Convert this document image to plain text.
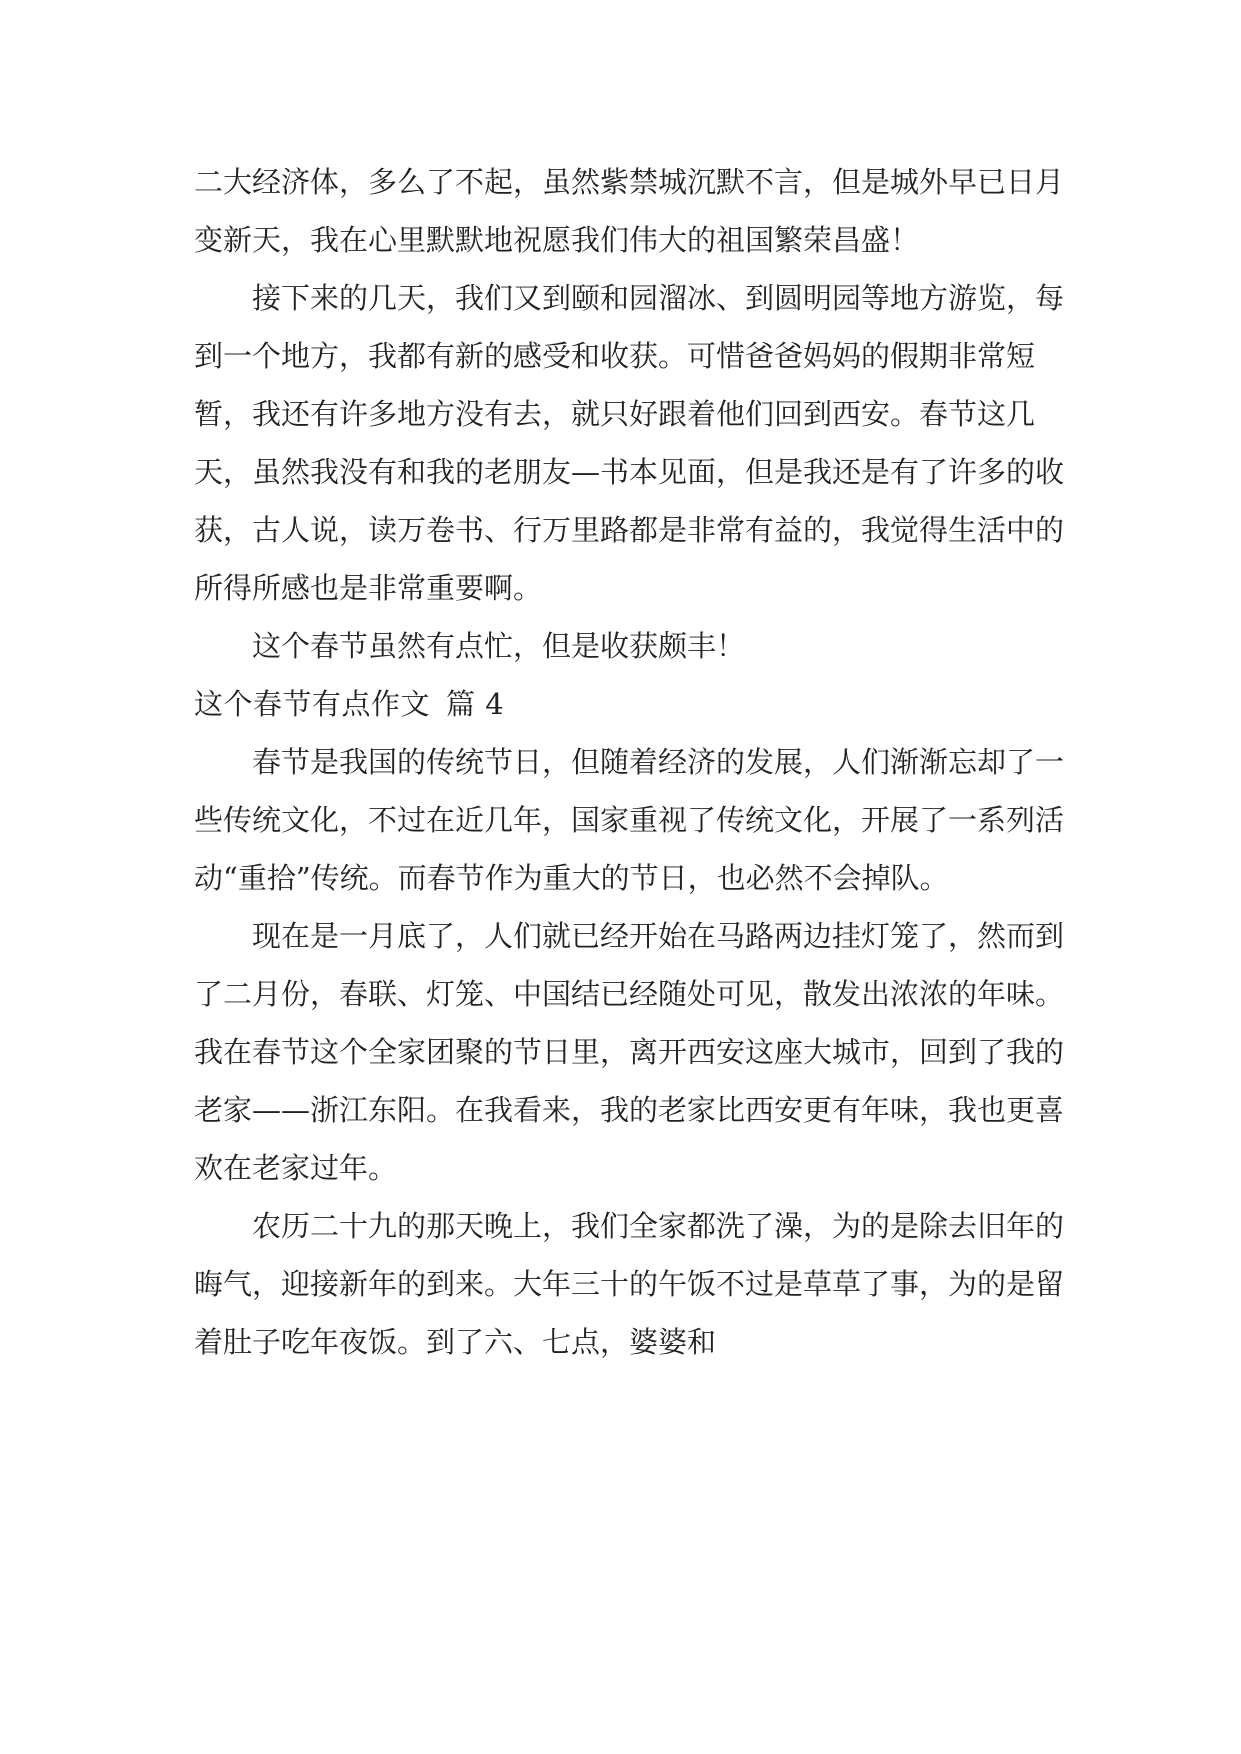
二大经济体，多么了不起，虽然紫禁城沉默不言，但是城外早已日月变新天，我在心里默默地祝愿我们伟大的祖国繁荣昌盛！

接下来的几天，我们又到颐和园溜冰、到圆明园等地方游览，每到一个地方，我都有新的感受和收获。可惜爸爸妈妈的假期非常短暂，我还有许多地方没有去，就只好跟着他们回到西安。春节这几天，虽然我没有和我的老朋友—书本见面，但是我还是有了许多的收获，古人说，读万卷书、行万里路都是非常有益的，我觉得生活中的所得所感也是非常重要啊。

这个春节虽然有点忙，但是收获颇丰！

这个春节有点作文 篇 4

春节是我国的传统节日，但随着经济的发展，人们渐渐忘却了一些传统文化，不过在近几年，国家重视了传统文化，开展了一系列活动“重拾”传统。而春节作为重大的节日，也必然不会掉队。

现在是一月底了，人们就已经开始在马路两边挂灯笼了，然而到了二月份，春联、灯笼、中国结已经随处可见，散发出浓浓的年味。我在春节这个全家团聚的节日里，离开西安这座大城市，回到了我的老家——浙江东阳。在我看来，我的老家比西安更有年味，我也更喜欢在老家过年。

农历二十九的那天晚上，我们全家都洗了澡，为的是除去旧年的晦气，迎接新年的到来。大年三十的午饭不过是草草了事，为的是留着肚子吃年夜饭。到了六、七点，婆婆和
